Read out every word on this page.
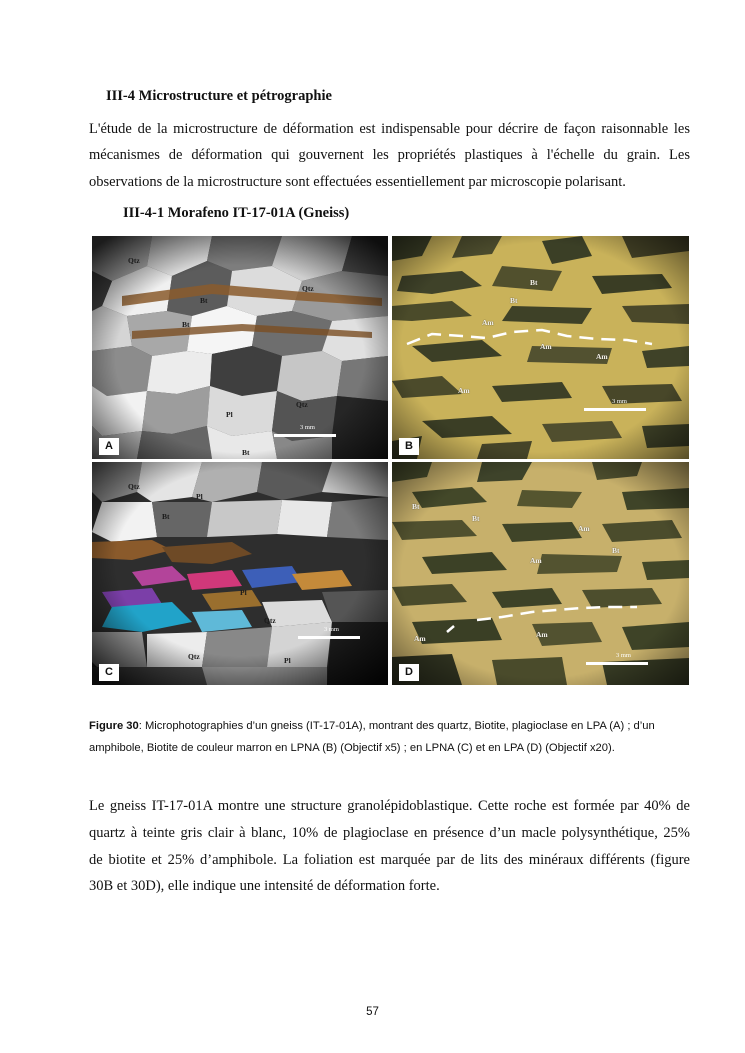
III-4 Microstructure et pétrographie
L'étude de la microstructure de déformation est indispensable pour décrire de façon raisonnable les
mécanismes de déformation qui gouvernent les propriétés plastiques à l'échelle du grain. Les
observations de la microstructure sont effectuées essentiellement par microscopie polarisant.
III-4-1 Morafeno IT-17-01A (Gneiss)
Qtz
Qtz
Bt
Bt
Qtz
Pl
Bt
3 mm
A
Bt
Bt
Am
Am
Am
Am
3 mm
B
Qtz
Pl
Bt
Pl
Qtz
Qtz	Pl
3 mm
C
Bt
Bt
Am
Am
Bt
Am	Am
3 mm
D
Figure 30: Microphotographies d’un gneiss (IT-17-01A), montrant des quartz, Biotite, plagioclase en LPA (A) ; d’un amphibole, Biotite de couleur marron en LPNA (B) (Objectif x5) ; en LPNA (C) et en LPA (D) (Objectif x20).
Le gneiss IT-17-01A montre une structure granolépidoblastique. Cette roche est formée par 40% de
quartz à teinte gris clair à blanc, 10% de plagioclase en présence d’un macle polysynthétique, 25%
de biotite et 25% d’amphibole. La foliation est marquée par de lits des minéraux différents (figure
30B et 30D), elle indique une intensité de déformation forte.
57
